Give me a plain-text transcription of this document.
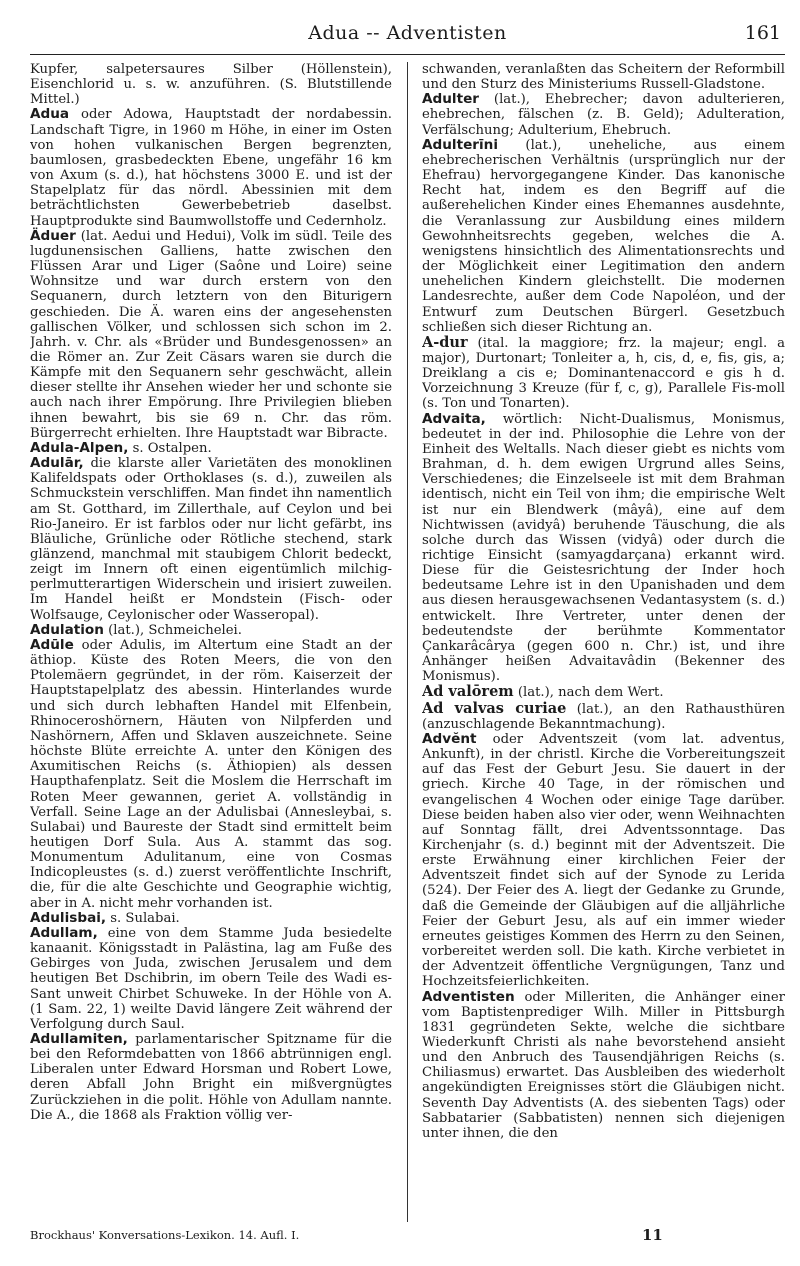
Adua -- Adventisten	161

Kupfer, salpetersaures Silber (Höllenstein), Eisenchlorid u. s. w. anzuführen. (S. Blutstillende Mittel.)

Adua oder Adowa, Hauptstadt der nordabessin. Landschaft Tigre, in 1960 m Höhe, in einer im Osten von hohen vulkanischen Bergen begrenzten, baumlosen, grasbedeckten Ebene, ungefähr 16 km von Axum (s. d.), hat höchstens 3000 E. und ist der Stapelplatz für das nördl. Abessinien mit dem beträchtlichsten Gewerbebetrieb daselbst. Hauptprodukte sind Baumwollstoffe und Cedernholz.

Äduer (lat. Aedui und Hedui), Volk im südl. Teile des lugdunensischen Galliens, hatte zwischen den Flüssen Arar und Liger (Saône und Loire) seine Wohnsitze und war durch erstern von den Sequanern, durch letztern von den Biturigern geschieden. Die Ä. waren eins der angesehensten gallischen Völker, und schlossen sich schon im 2. Jahrh. v. Chr. als «Brüder und Bundesgenossen» an die Römer an. Zur Zeit Cäsars waren sie durch die Kämpfe mit den Sequanern sehr geschwächt, allein dieser stellte ihr Ansehen wieder her und schonte sie auch nach ihrer Empörung. Ihre Privilegien blieben ihnen bewahrt, bis sie 69 n. Chr. das röm. Bürgerrecht erhielten. Ihre Hauptstadt war Bibracte.

Adula-Alpen, s. Ostalpen.

Adulār, die klarste aller Varietäten des monoklinen Kalifeldspats oder Orthoklases (s. d.), zuweilen als Schmuckstein verschliffen. Man findet ihn namentlich am St. Gotthard, im Zillerthale, auf Ceylon und bei Rio-Janeiro. Er ist farblos oder nur licht gefärbt, ins Bläuliche, Grünliche oder Rötliche stechend, stark glänzend, manchmal mit staubigem Chlorit bedeckt, zeigt im Innern oft einen eigentümlich milchig-perlmutterartigen Widerschein und irisiert zuweilen. Im Handel heißt er Mondstein (Fisch- oder Wolfsauge, Ceylonischer oder Wasseropal).

Adulation (lat.), Schmeichelei.

Adūle oder Adulis, im Altertum eine Stadt an der äthiop. Küste des Roten Meers, die von den Ptolemäern gegründet, in der röm. Kaiserzeit der Hauptstapelplatz des abessin. Hinterlandes wurde und sich durch lebhaften Handel mit Elfenbein, Rhinoceroshörnern, Häuten von Nilpferden und Nashörnern, Affen und Sklaven auszeichnete. Seine höchste Blüte erreichte A. unter den Königen des Axumitischen Reichs (s. Äthiopien) als dessen Haupthafenplatz. Seit die Moslem die Herrschaft im Roten Meer gewannen, geriet A. vollständig in Verfall. Seine Lage an der Adulisbai (Annesleybai, s. Sulabai) und Baureste der Stadt sind ermittelt beim heutigen Dorf Sula. Aus A. stammt das sog. Monumentum Adulitanum, eine von Cosmas Indicopleustes (s. d.) zuerst veröffentlichte Inschrift, die, für die alte Geschichte und Geographie wichtig, aber in A. nicht mehr vorhanden ist.

Adulisbai, s. Sulabai.

Adullam, eine von dem Stamme Juda besiedelte kanaanit. Königsstadt in Palästina, lag am Fuße des Gebirges von Juda, zwischen Jerusalem und dem heutigen Bet Dschibrin, im obern Teile des Wadi es-Sant unweit Chirbet Schuweke. In der Höhle von A. (1 Sam. 22, 1) weilte David längere Zeit während der Verfolgung durch Saul.

Adullamiten, parlamentarischer Spitzname für die bei den Reformdebatten von 1866 abtrünnigen engl. Liberalen unter Edward Horsman und Robert Lowe, deren Abfall John Bright ein mißvergnügtes Zurückziehen in die polit. Höhle von Adullam nannte. Die A., die 1868 als Fraktion völlig ver-

schwanden, veranlaßten das Scheitern der Reformbill und den Sturz des Ministeriums Russell-Gladstone.

Adulter (lat.), Ehebrecher; davon adulterieren, ehebrechen, fälschen (z. B. Geld); Adulteration, Verfälschung; Adulterium, Ehebruch.

Adulterīni (lat.), uneheliche, aus einem ehebrecherischen Verhältnis (ursprünglich nur der Ehefrau) hervorgegangene Kinder. Das kanonische Recht hat, indem es den Begriff auf die außerehelichen Kinder eines Ehemannes ausdehnte, die Veranlassung zur Ausbildung eines mildern Gewohnheitsrechts gegeben, welches die A. wenigstens hinsichtlich des Alimentationsrechts und der Möglichkeit einer Legitimation den andern unehelichen Kindern gleichstellt. Die modernen Landesrechte, außer dem Code Napoléon, und der Entwurf zum Deutschen Bürgerl. Gesetzbuch schließen sich dieser Richtung an.

A-dur (ital. la maggiore; frz. la majeur; engl. a major), Durtonart; Tonleiter a, h, cis, d, e, fis, gis, a; Dreiklang a cis e; Dominantenaccord e gis h d. Vorzeichnung 3 Kreuze (für f, c, g), Parallele Fis-moll (s. Ton und Tonarten).

Advaita, wörtlich: Nicht-Dualismus, Monismus, bedeutet in der ind. Philosophie die Lehre von der Einheit des Weltalls. Nach dieser giebt es nichts vom Brahman, d. h. dem ewigen Urgrund alles Seins, Verschiedenes; die Einzelseele ist mit dem Brahman identisch, nicht ein Teil von ihm; die empirische Welt ist nur ein Blendwerk (mâyâ), eine auf dem Nichtwissen (avidyâ) beruhende Täuschung, die als solche durch das Wissen (vidyâ) oder durch die richtige Einsicht (samyagdarçana) erkannt wird. Diese für die Geistesrichtung der Inder hoch bedeutsame Lehre ist in den Upanishaden und dem aus diesen herausgewachsenen Vedantasystem (s. d.) entwickelt. Ihre Vertreter, unter denen der bedeutendste der berühmte Kommentator Çankarâcârya (gegen 600 n. Chr.) ist, und ihre Anhänger heißen Advaitavâdin (Bekenner des Monismus).

Ad valōrem (lat.), nach dem Wert.

Ad valvas curiae (lat.), an den Rathausthüren (anzuschlagende Bekanntmachung).

Advĕnt oder Adventszeit (vom lat. adventus, Ankunft), in der christl. Kirche die Vorbereitungszeit auf das Fest der Geburt Jesu. Sie dauert in der griech. Kirche 40 Tage, in der römischen und evangelischen 4 Wochen oder einige Tage darüber. Diese beiden haben also vier oder, wenn Weihnachten auf Sonntag fällt, drei Adventssonntage. Das Kirchenjahr (s. d.) beginnt mit der Adventszeit. Die erste Erwähnung einer kirchlichen Feier der Adventszeit findet sich auf der Synode zu Lerida (524). Der Feier des A. liegt der Gedanke zu Grunde, daß die Gemeinde der Gläubigen auf die alljährliche Feier der Geburt Jesu, als auf ein immer wieder erneutes geistiges Kommen des Herrn zu den Seinen, vorbereitet werden soll. Die kath. Kirche verbietet in der Adventzeit öffentliche Vergnügungen, Tanz und Hochzeitsfeierlichkeiten.

Adventisten oder Milleriten, die Anhänger einer vom Baptistenprediger Wilh. Miller in Pittsburgh 1831 gegründeten Sekte, welche die sichtbare Wiederkunft Christi als nahe bevorstehend ansieht und den Anbruch des Tausendjährigen Reichs (s. Chiliasmus) erwartet. Das Ausbleiben des wiederholt angekündigten Ereignisses stört die Gläubigen nicht. Seventh Day Adventists (A. des siebenten Tags) oder Sabbatarier (Sabbatisten) nennen sich diejenigen unter ihnen, die den

Brockhaus' Konversations-Lexikon. 14. Aufl. I.	11
